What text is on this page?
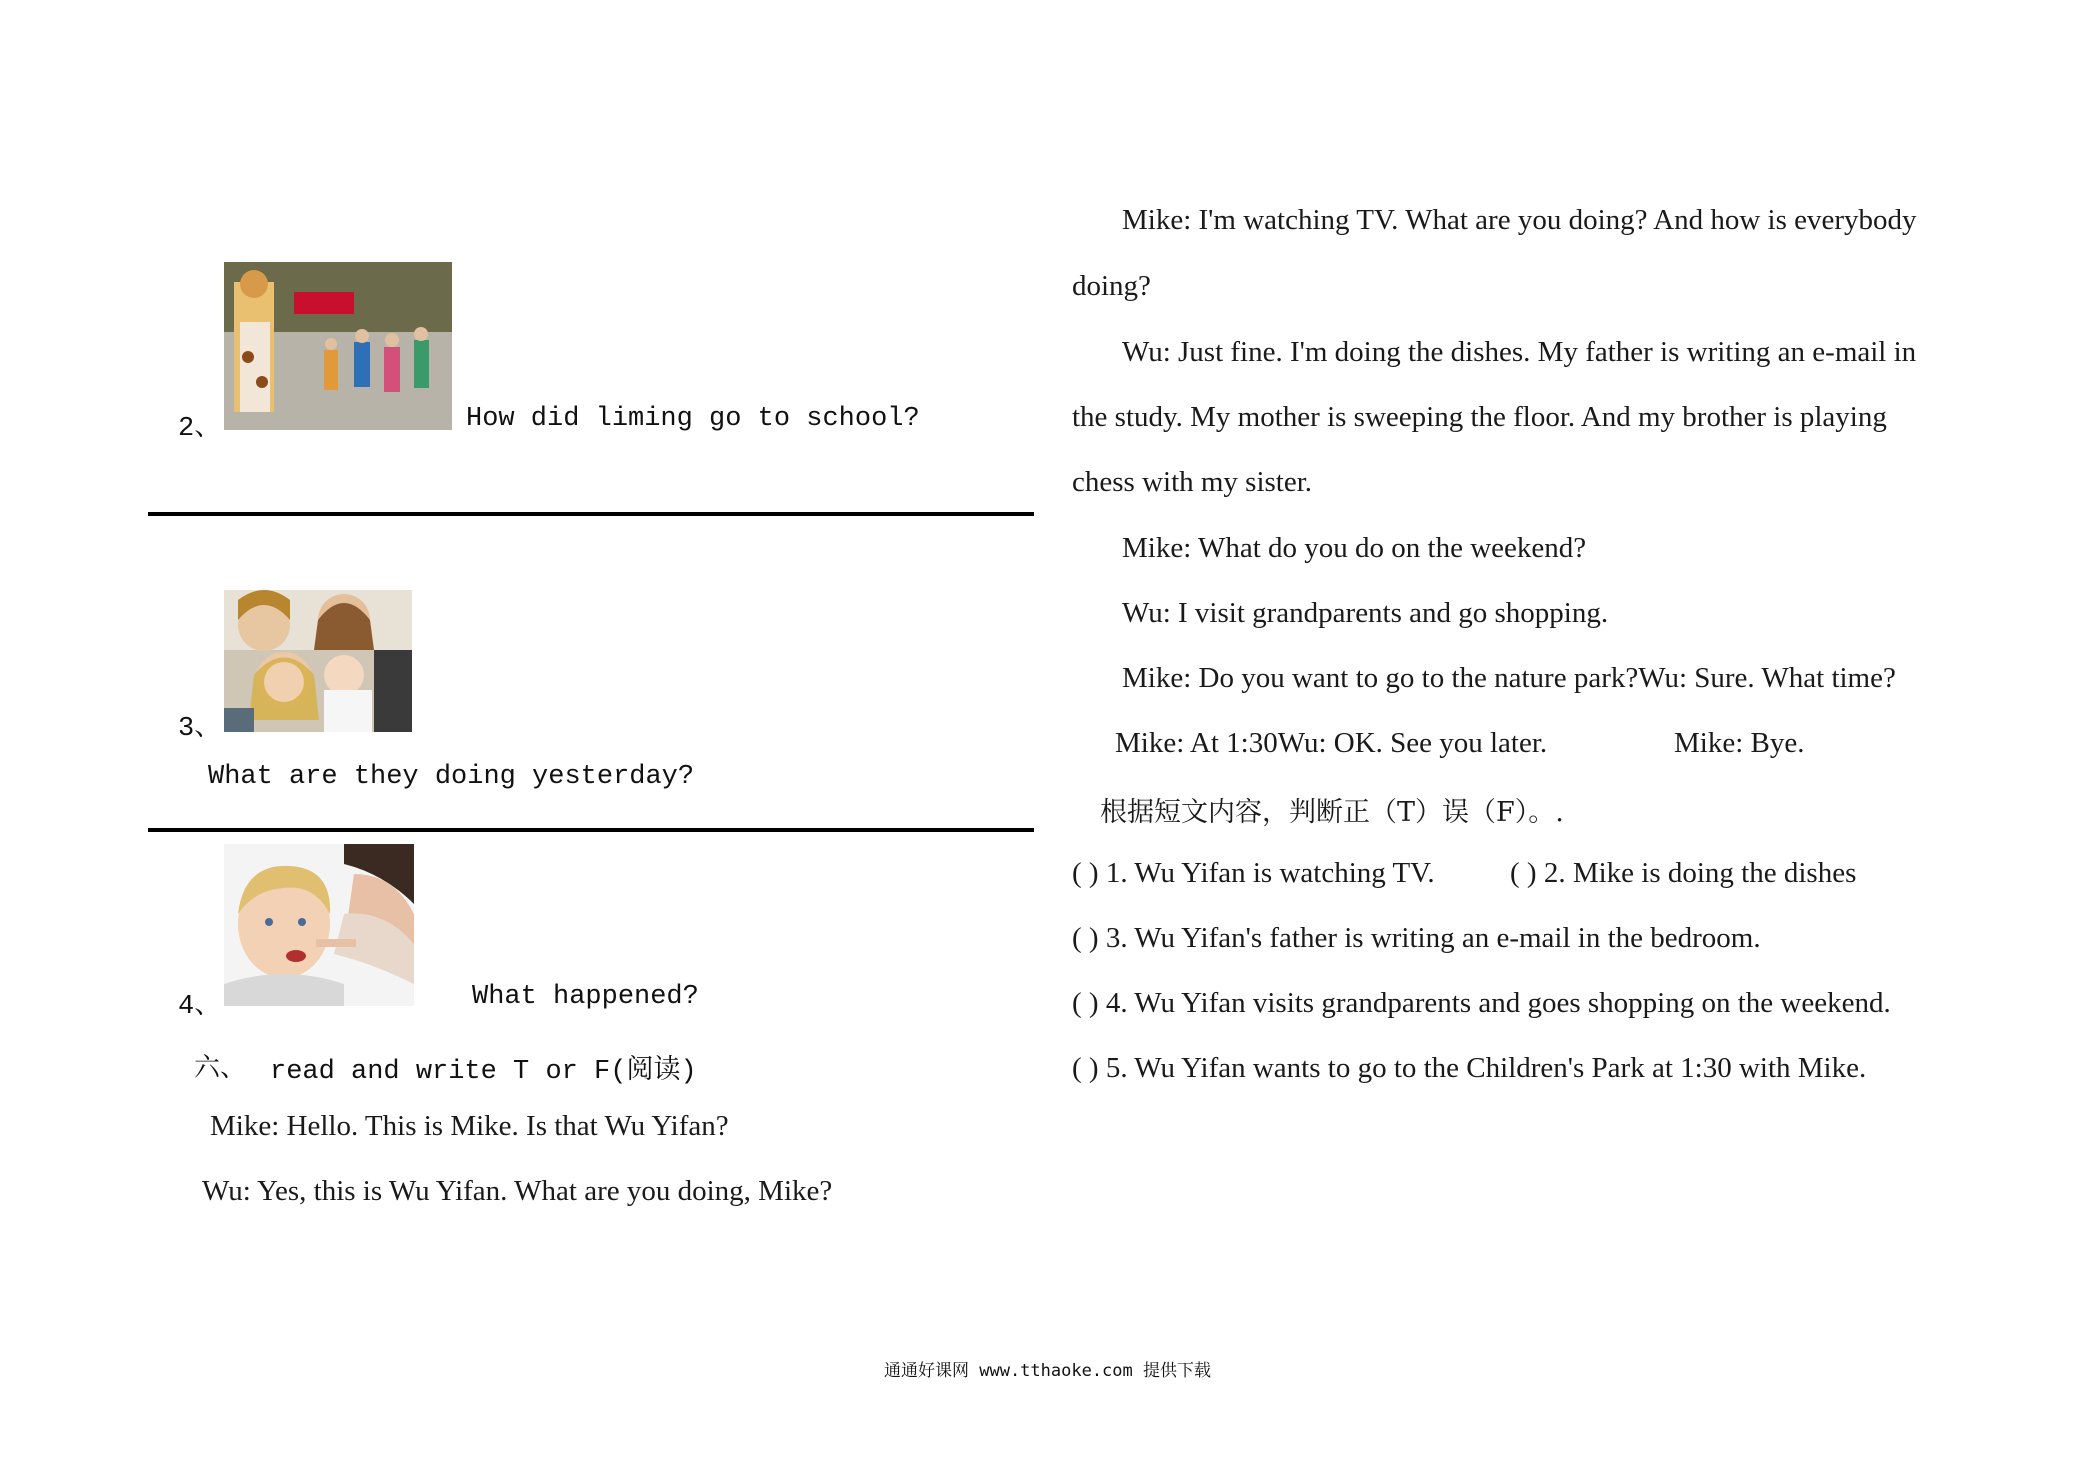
2、	How did liming go to school?
3、
What are they doing yesterday?
4、	What happened?
六、 read and write T or F(阅读)
Mike: Hello. This is Mike. Is that Wu Yifan?
Wu: Yes, this is Wu Yifan. What are you doing, Mike?
Mike: I'm watching TV. What are you doing? And how is everybody
doing?
Wu: Just fine. I'm doing the dishes. My father is writing an e-mail in
the study. My mother is sweeping the floor. And my brother is playing
chess with my sister.
Mike: What do you do on the weekend?
Wu: I visit grandparents and go shopping.
Mike: Do you want to go to the nature park?Wu: Sure. What time?
Mike: At 1:30Wu: OK. See you later.	Mike: Bye.
根据短文内容，判断正（T）误（F）。.
( ) 1. Wu Yifan is watching TV.	( ) 2. Mike is doing the dishes
( ) 3. Wu Yifan's father is writing an e-mail in the bedroom.
( ) 4. Wu Yifan visits grandparents and goes shopping on the weekend.
( ) 5. Wu Yifan wants to go to the Children's Park at 1:30 with Mike.
通通好课网 www.tthaoke.com 提供下载
